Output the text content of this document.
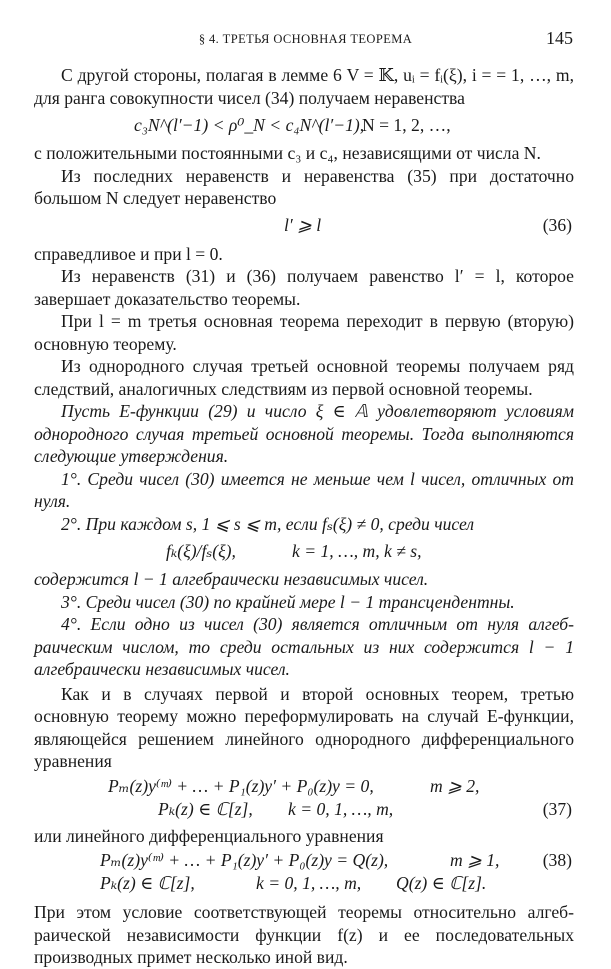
§ 4. ТРЕТЬЯ ОСНОВНАЯ ТЕОРЕМА	145

С другой стороны, полагая в лемме 6 V = 𝕂, uᵢ = fᵢ(ξ), i = = 1, …, m, для ранга совокупности чисел (34) получаем неравенства

c₃N^(l′−1) < ρ⁰_N < c₄N^(l′−1),
N = 1, 2, …,

с положительными постоянными c₃ и c₄, независящими от числа N.

Из последних неравенств и неравенства (35) при достаточно большом N следует неравенство

l′ ⩾ l	(36)

справедливое и при l = 0.

Из неравенств (31) и (36) получаем равенство l′ = l, которое завершает доказательство теоремы.

При l = m третья основная теорема переходит в первую (вторую) основную теорему.

Из однородного случая третьей основной теоремы получаем ряд следствий, аналогичных следствиям из первой основной теоремы.

Пусть E-функции (29) и число ξ ∈ 𝔸 удовлетворяют условиям однородного случая третьей основной теоремы. Тогда выполняются следующие утверждения.

1°. Среди чисел (30) имеется не меньше чем l чисел, отличных от нуля.

2°. При каждом s, 1 ⩽ s ⩽ m, если fₛ(ξ) ≠ 0, среди чисел

fₖ(ξ)/fₛ(ξ),	k = 1, …, m, k ≠ s,

содержится l − 1 алгебраически независимых чисел.

3°. Среди чисел (30) по крайней мере l − 1 трансцендентны.

4°. Если одно из чисел (30) является отличным от нуля алгебраическим числом, то среди остальных из них содержится l − 1 алгебраически независимых чисел.

Как и в случаях первой и второй основных теорем, третью основную теорему можно переформулировать на случай E-функции, являющейся решением линейного однородного дифференциального уравнения

Pₘ(z)y⁽ᵐ⁾ + … + P₁(z)y′ + P₀(z)y = 0,	m ⩾ 2,
Pₖ(z) ∈ ℂ[z], k = 0, 1, …, m,	(37)

или линейного дифференциального уравнения

Pₘ(z)y⁽ᵐ⁾ + … + P₁(z)y′ + P₀(z)y = Q(z),	m ⩾ 1, (38)
Pₖ(z) ∈ ℂ[z],	k = 0, 1, …, m, Q(z) ∈ ℂ[z].

При этом условие соответствующей теоремы относительно алгебраической независимости функции f(z) и ее последовательных производных примет несколько иной вид.
